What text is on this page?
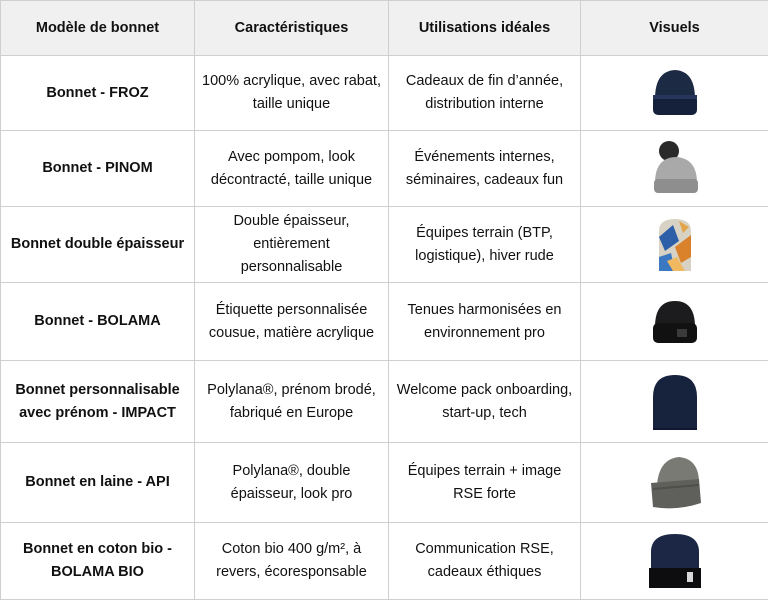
Modèle de bonnet	Caractéristiques	Utilisations idéales	Visuels
Bonnet - FROZ	100% acrylique, avec rabat, taille unique	Cadeaux de fin d’année, distribution interne	

Bonnet - PINOM	Avec pompom, look décontracté, taille unique	Événements internes, séminaires, cadeaux fun	

Bonnet double épaisseur	Double épaisseur, entièrement personnalisable	Équipes terrain (BTP, logistique), hiver rude	

Bonnet - BOLAMA	Étiquette personnalisée cousue, matière acrylique	Tenues harmonisées en environnement pro	

Bonnet personnalisable avec prénom - IMPACT	Polylana®, prénom brodé, fabriqué en Europe	Welcome pack onboarding, start-up, tech	

Bonnet en laine - API	Polylana®, double épaisseur, look pro	Équipes terrain + image RSE forte	

Bonnet en coton bio - BOLAMA BIO	Coton bio 400 g/m², à revers, écoresponsable	Communication RSE, cadeaux éthiques	
